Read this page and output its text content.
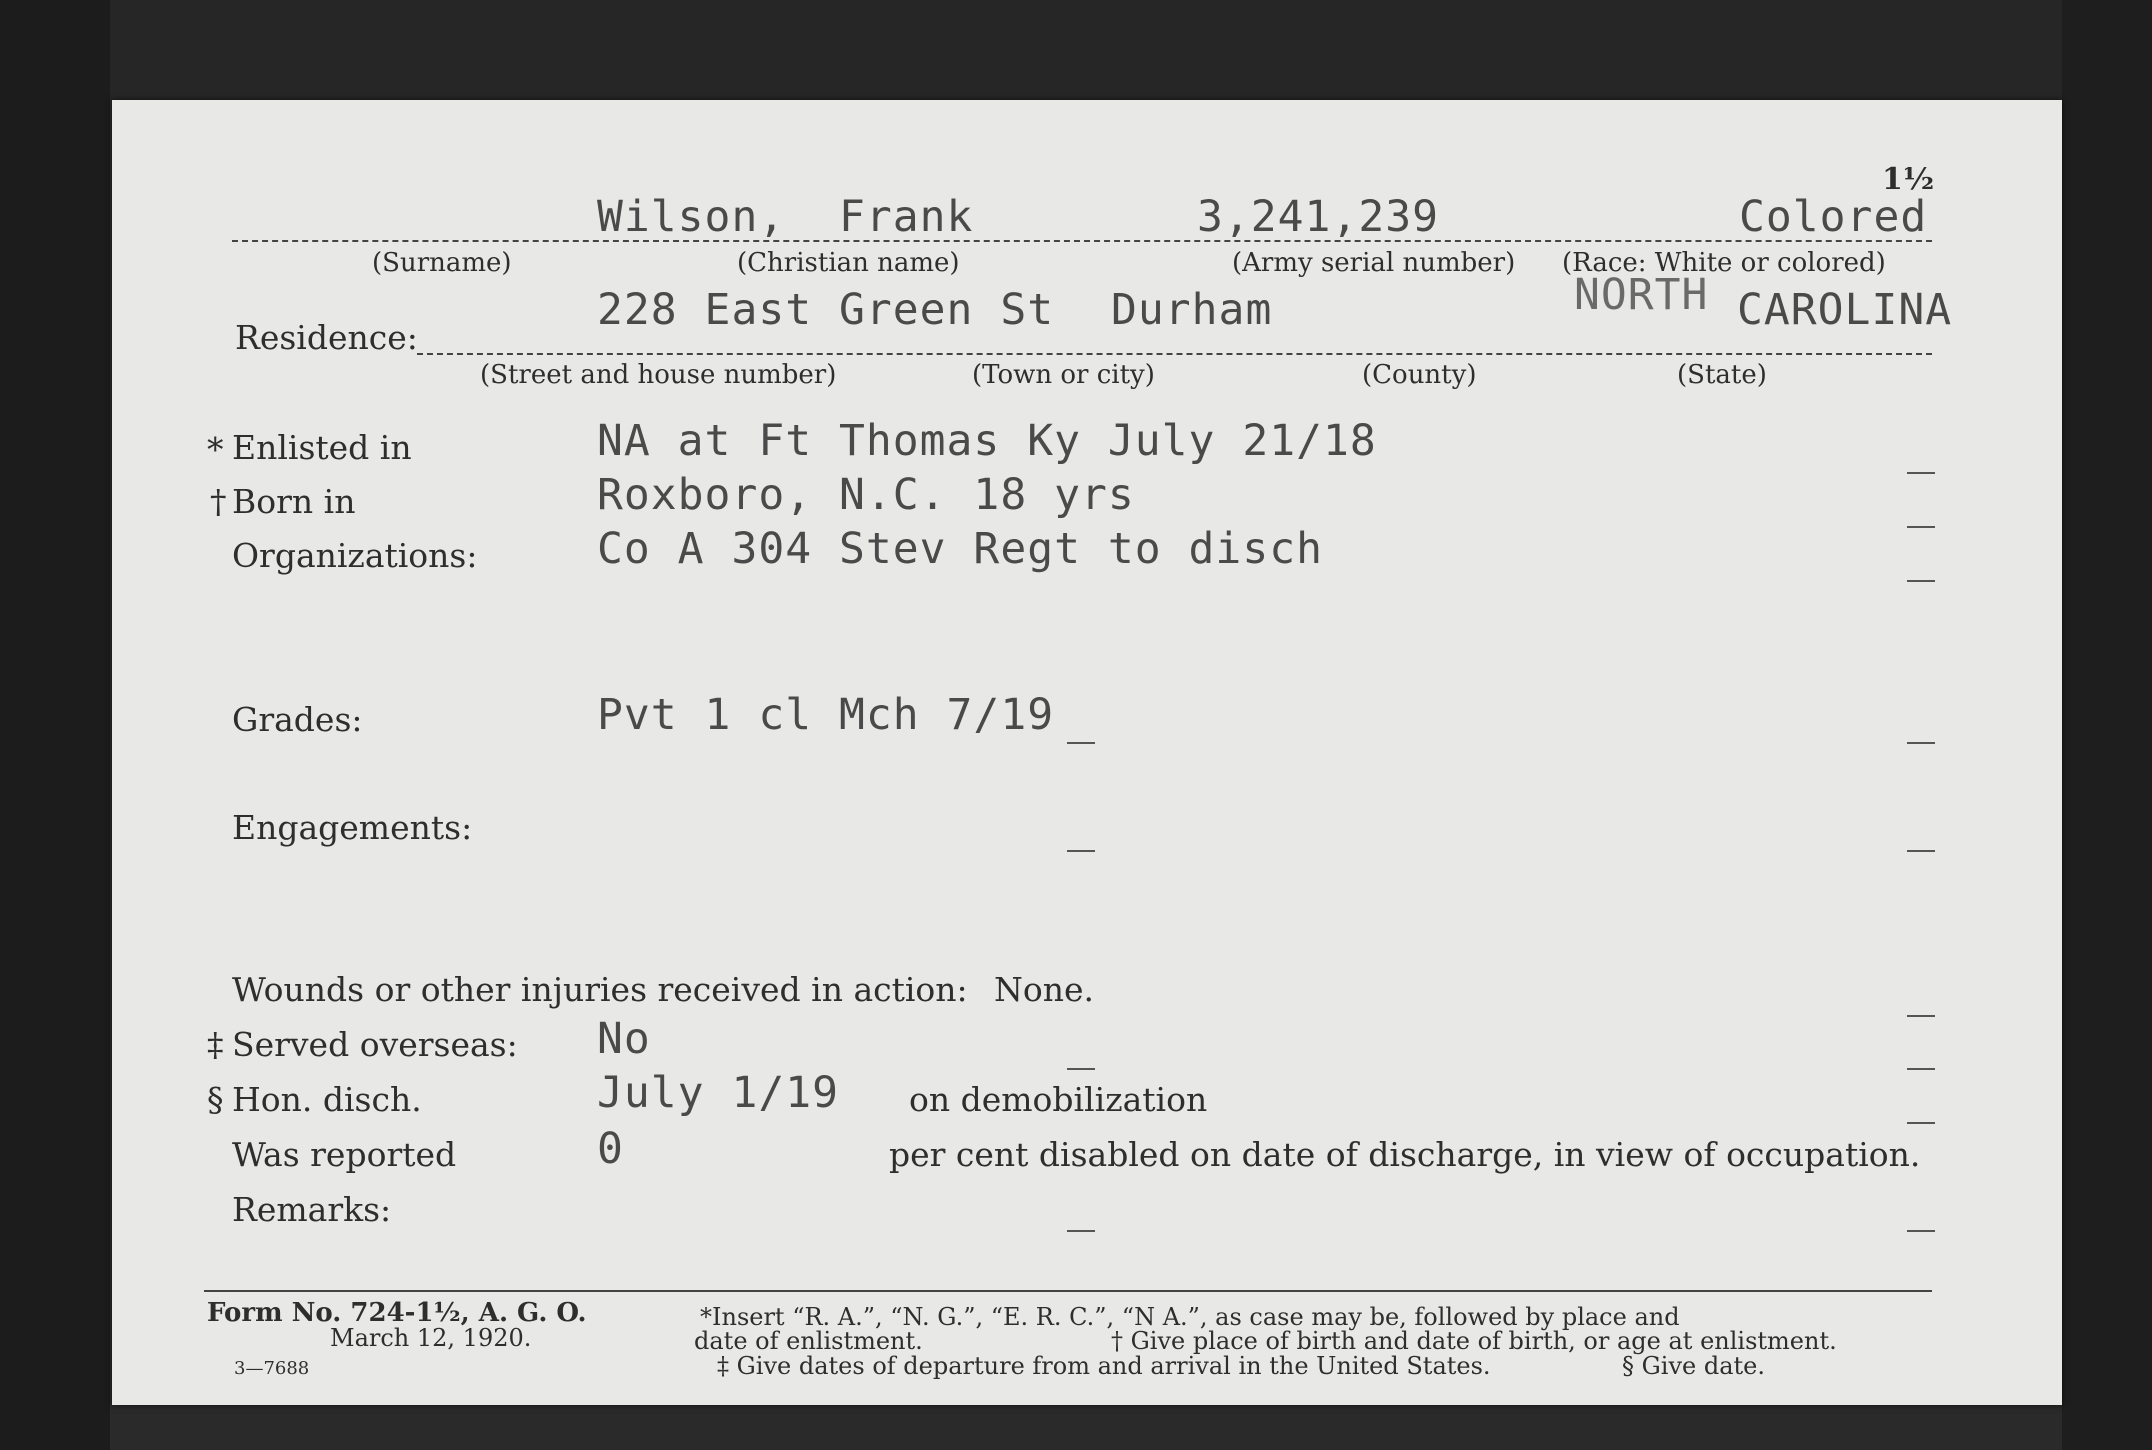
1½
Wilson, Frank	3,241,239	Colored
(Surname)	(Christian name)	(Army serial number) (Race: White or colored)
Residence:
228 East Green St Durham	NORTH CAROLINA
(Street and house number)	(Town or city)	(County)	(State)
* Enlisted in	NA at Ft Thomas Ky July 21/18
† Born in	Roxboro, N.C. 18 yrs
Organizations:	Co A 304 Stev Regt to disch
Grades:	Pvt 1 cl Mch 7/19
Engagements:
Wounds or other injuries received in action: None.
‡ Served overseas: No
§ Hon. disch.	July 1/19 on demobilization
Was reported	0	per cent disabled on date of discharge, in view of occupation.
Remarks:
Form No. 724-1½, A. G. O.
March 12, 1920.
3—7688
*Insert “R. A.”, “N. G.”, “E. R. C.”, “N A.”, as case may be, followed by place and
date of enlistment.	† Give place of birth and date of birth, or age at enlistment.
‡ Give dates of departure from and arrival in the United States.	§ Give date.
